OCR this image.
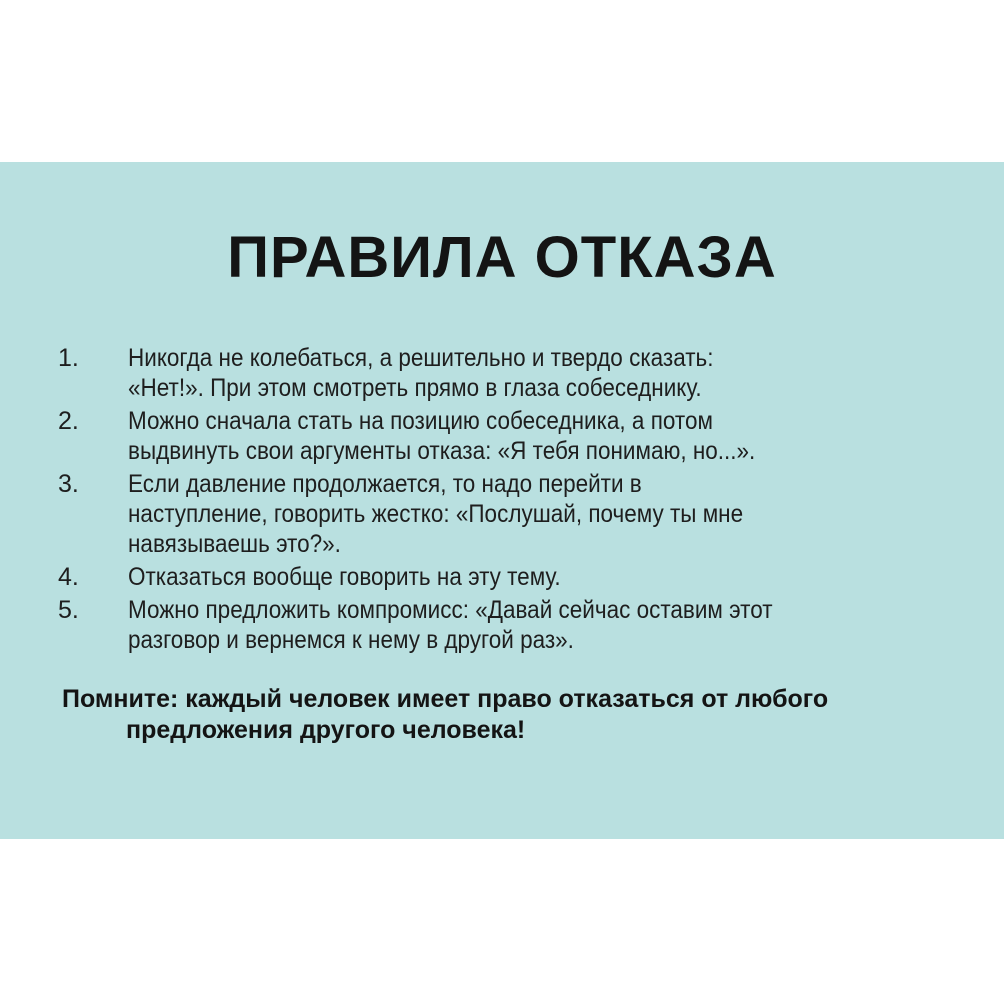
ПРАВИЛА ОТКАЗА
1.	Никогда не колебаться, а решительно и твердо сказать:
«Нет!». При этом смотреть прямо в глаза собеседнику.
2.	Можно сначала стать на позицию собеседника, а потом
выдвинуть свои аргументы отказа: «Я тебя понимаю, но...».
3.	Если давление продолжается, то надо перейти в
наступление, говорить жестко: «Послушай, почему ты мне
навязываешь это?».
4.	Отказаться вообще говорить на эту тему.
5.	Можно предложить компромисс: «Давай сейчас оставим этот
разговор и вернемся к нему в другой раз».

Помните: каждый человек имеет право отказаться от любого
предложения другого человека!
